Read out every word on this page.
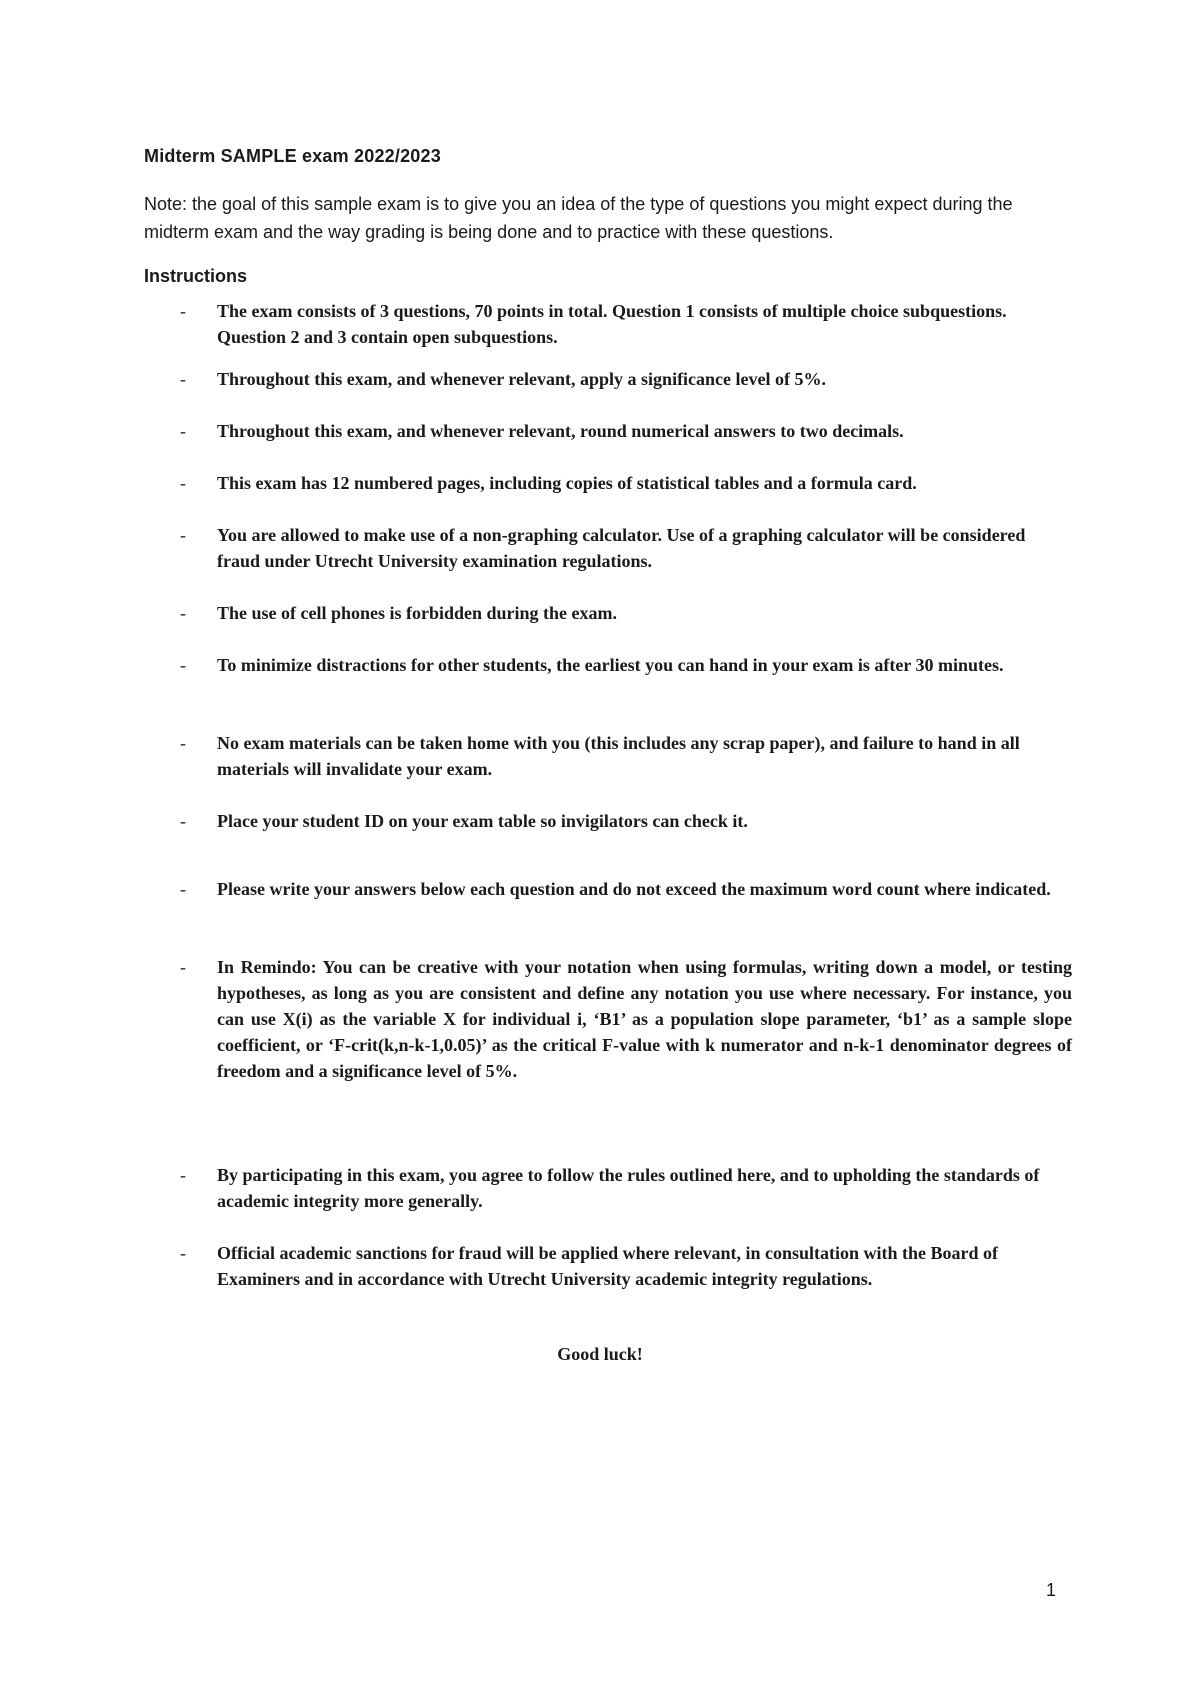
Midterm SAMPLE exam 2022/2023

Note: the goal of this sample exam is to give you an idea of the type of questions you might expect during the midterm exam and the way grading is being done and to practice with these questions.

Instructions

- The exam consists of 3 questions, 70 points in total. Question 1 consists of multiple choice subquestions. Question 2 and 3 contain open subquestions.
- Throughout this exam, and whenever relevant, apply a significance level of 5%.
- Throughout this exam, and whenever relevant, round numerical answers to two decimals.
- This exam has 12 numbered pages, including copies of statistical tables and a formula card.
- You are allowed to make use of a non-graphing calculator. Use of a graphing calculator will be considered fraud under Utrecht University examination regulations.
- The use of cell phones is forbidden during the exam.
- To minimize distractions for other students, the earliest you can hand in your exam is after 30 minutes.
- No exam materials can be taken home with you (this includes any scrap paper), and failure to hand in all materials will invalidate your exam.
- Place your student ID on your exam table so invigilators can check it.
- Please write your answers below each question and do not exceed the maximum word count where indicated.
- In Remindo: You can be creative with your notation when using formulas, writing down a model, or testing hypotheses, as long as you are consistent and define any notation you use where necessary. For instance, you can use X(i) as the variable X for individual i, ‘B1’ as a population slope parameter, ‘b1’ as a sample slope coefficient, or ‘F-crit(k,n-k-1,0.05)’ as the critical F-value with k numerator and n-k-1 denominator degrees of freedom and a significance level of 5%.
- By participating in this exam, you agree to follow the rules outlined here, and to upholding the standards of academic integrity more generally.
- Official academic sanctions for fraud will be applied where relevant, in consultation with the Board of Examiners and in accordance with Utrecht University academic integrity regulations.

Good luck!

1
